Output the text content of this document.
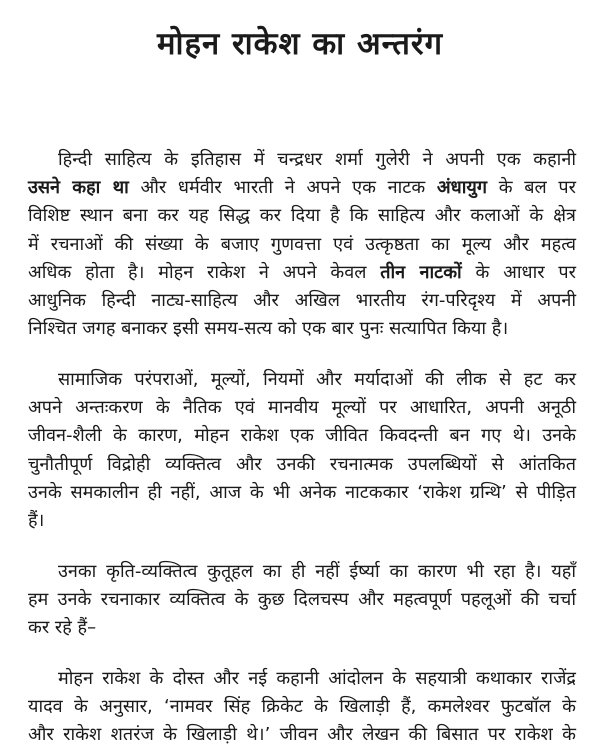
मोहन राकेश का अन्तरंग
हिन्दी साहित्य के इतिहास में चन्द्रधर शर्मा गुलेरी ने अपनी एक कहानी
उसने कहा था और धर्मवीर भारती ने अपने एक नाटक अंधायुग के बल पर
विशिष्ट स्थान बना कर यह सिद्ध कर दिया है कि साहित्य और कलाओं के क्षेत्र
में रचनाओं की संख्या के बजाए गुणवत्ता एवं उत्कृष्ठता का मूल्य और महत्व
अधिक होता है। मोहन राकेश ने अपने केवल तीन नाटकों के आधार पर
आधुनिक हिन्दी नाट्य-साहित्य और अखिल भारतीय रंग-परिदृश्य में अपनी
निश्चित जगह बनाकर इसी समय-सत्य को एक बार पुनः सत्यापित किया है।
सामाजिक परंपराओं, मूल्यों, नियमों और मर्यादाओं की लीक से हट कर
अपने अन्तःकरण के नैतिक एवं मानवीय मूल्यों पर आधारित, अपनी अनूठी
जीवन-शैली के कारण, मोहन राकेश एक जीवित किवदन्ती बन गए थे। उनके
चुनौतीपूर्ण विद्रोही व्यक्तित्व और उनकी रचनात्मक उपलब्धियों से आंतकित
उनके समकालीन ही नहीं, आज के भी अनेक नाटककार ‘राकेश ग्रन्थि’ से पीड़ित
हैं।
उनका कृति-व्यक्तित्व कुतूहल का ही नहीं ईर्ष्या का कारण भी रहा है। यहाँ
हम उनके रचनाकार व्यक्तित्व के कुछ दिलचस्प और महत्वपूर्ण पहलूओं की चर्चा
कर रहे हैं–
मोहन राकेश के दोस्त और नई कहानी आंदोलन के सहयात्री कथाकार राजेंद्र
यादव के अनुसार, ‘नामवर सिंह क्रिकेट के खिलाड़ी हैं, कमलेश्वर फुटबॉल के
और राकेश शतरंज के खिलाड़ी थे।’ जीवन और लेखन की बिसात पर राकेश के
